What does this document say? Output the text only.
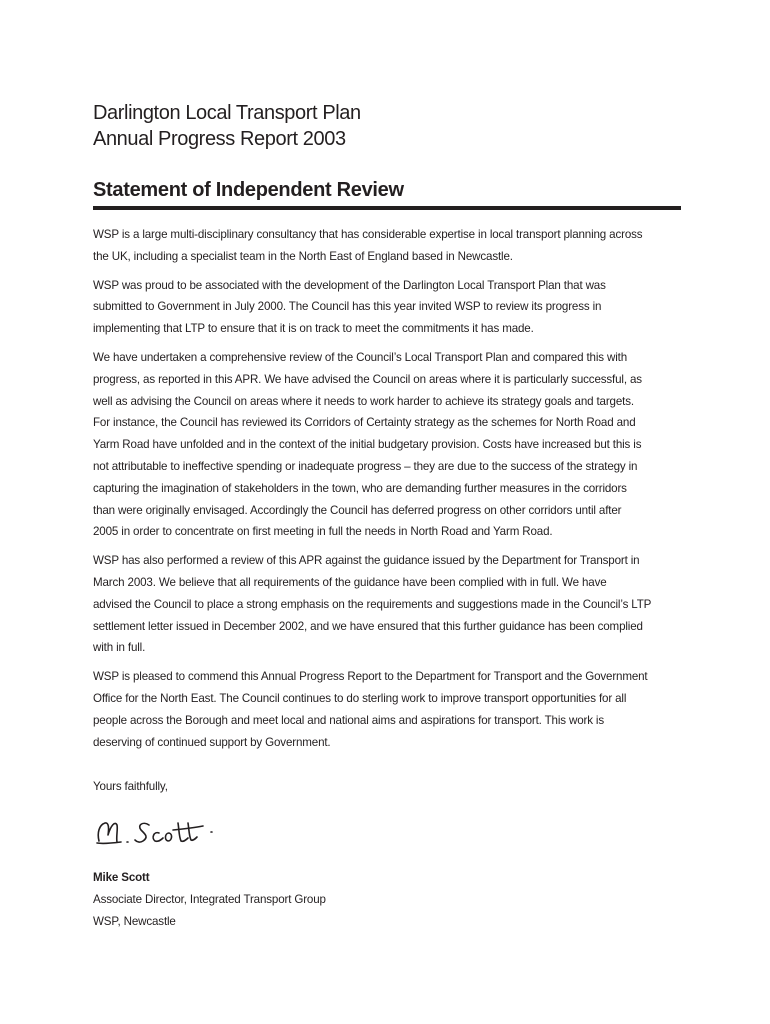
Darlington Local Transport Plan
Annual Progress Report 2003
Statement of Independent Review

WSP is a large multi-disciplinary consultancy that has considerable expertise in local transport planning across
the UK, including a specialist team in the North East of England based in Newcastle.

WSP was proud to be associated with the development of the Darlington Local Transport Plan that was
submitted to Government in July 2000. The Council has this year invited WSP to review its progress in
implementing that LTP to ensure that it is on track to meet the commitments it has made.

We have undertaken a comprehensive review of the Council’s Local Transport Plan and compared this with
progress, as reported in this APR. We have advised the Council on areas where it is particularly successful, as
well as advising the Council on areas where it needs to work harder to achieve its strategy goals and targets.
For instance, the Council has reviewed its Corridors of Certainty strategy as the schemes for North Road and
Yarm Road have unfolded and in the context of the initial budgetary provision. Costs have increased but this is
not attributable to ineffective spending or inadequate progress – they are due to the success of the strategy in
capturing the imagination of stakeholders in the town, who are demanding further measures in the corridors
than were originally envisaged. Accordingly the Council has deferred progress on other corridors until after
2005 in order to concentrate on first meeting in full the needs in North Road and Yarm Road.

WSP has also performed a review of this APR against the guidance issued by the Department for Transport in
March 2003. We believe that all requirements of the guidance have been complied with in full. We have
advised the Council to place a strong emphasis on the requirements and suggestions made in the Council’s LTP
settlement letter issued in December 2002, and we have ensured that this further guidance has been complied
with in full.

WSP is pleased to commend this Annual Progress Report to the Department for Transport and the Government
Office for the North East. The Council continues to do sterling work to improve transport opportunities for all
people across the Borough and meet local and national aims and aspirations for transport. This work is
deserving of continued support by Government.

Yours faithfully,

Mike Scott
Associate Director, Integrated Transport Group
WSP, Newcastle
